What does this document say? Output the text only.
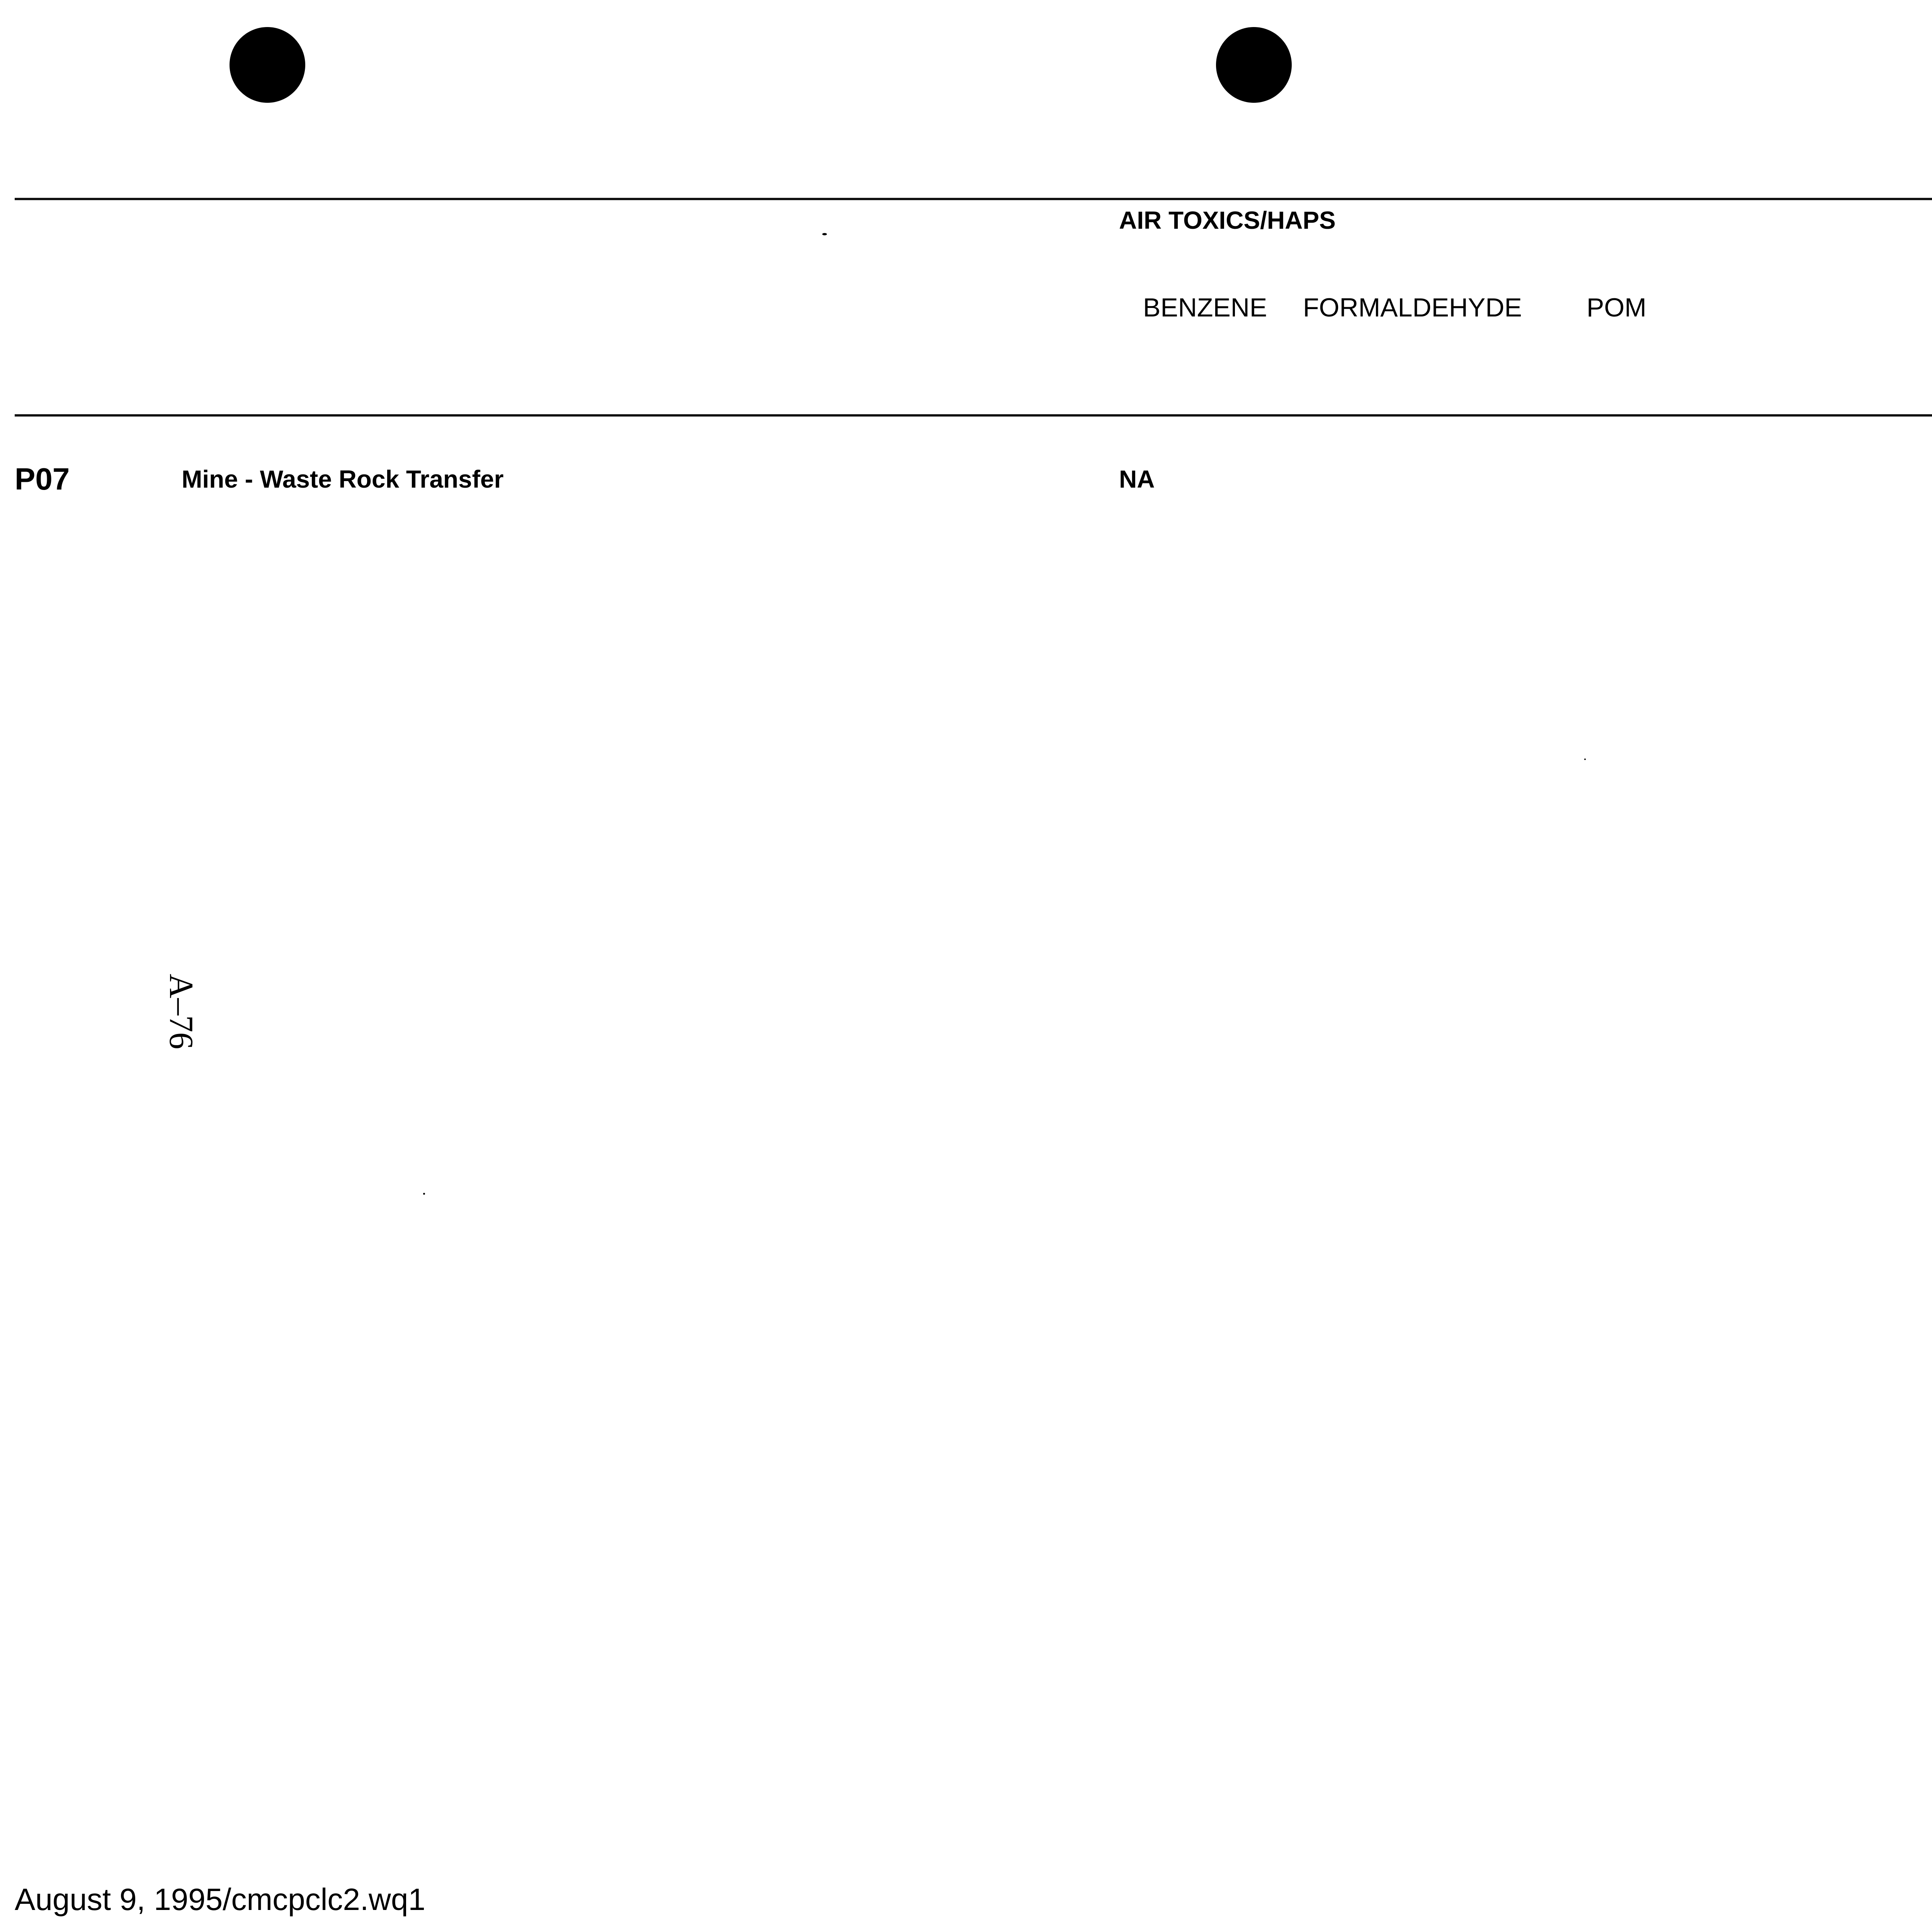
AIR TOXICS/HAPS
BENZENE FORMALDEHYDE POM
P07	Mine - Waste Rock Transfer	NA
A–76
August 9, 1995/cmcpclc2.wq1
